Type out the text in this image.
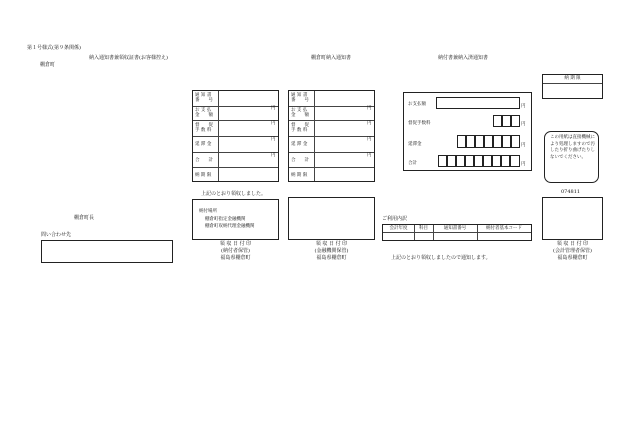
第１号様式(第９条関係)
棚倉町
納入通知書兼領収証書(お客様控え)	棚倉町納入通知書	納付書兼納入済通知書
棚倉町長
問い合わせ先
通 知 書
番　　号
お 支 払
金　　額
円
督　　促
手 数 料
円
延 滞 金
円
合　　計
円
納 期 限
上記のとおり領収しました。
納付場所
棚倉町指定金融機関
棚倉町収納代理金融機関
領 収 日 付 印
(納付者保管)
福島県棚倉町
通 知 書
番　　号
お 支 払
金　　額
円
督　　促
手 数 料
円
延 滞 金
円
合　　計
円
納 期 限
領 収 日 付 印
(金融機関保管)
福島県棚倉町
お支払額	円
督促手数料	円
延滞金	円
合計	円
ご利用内訳
会計年度	科目	通知書番号	納付者基本コード
上記のとおり領収しましたので通知します。
納 期 限
この用紙は直接機械により処理しますので汚したり折り曲げたりしないでください。
074811
領 収 日 付 印
(会計管理者保管)
福島県棚倉町
